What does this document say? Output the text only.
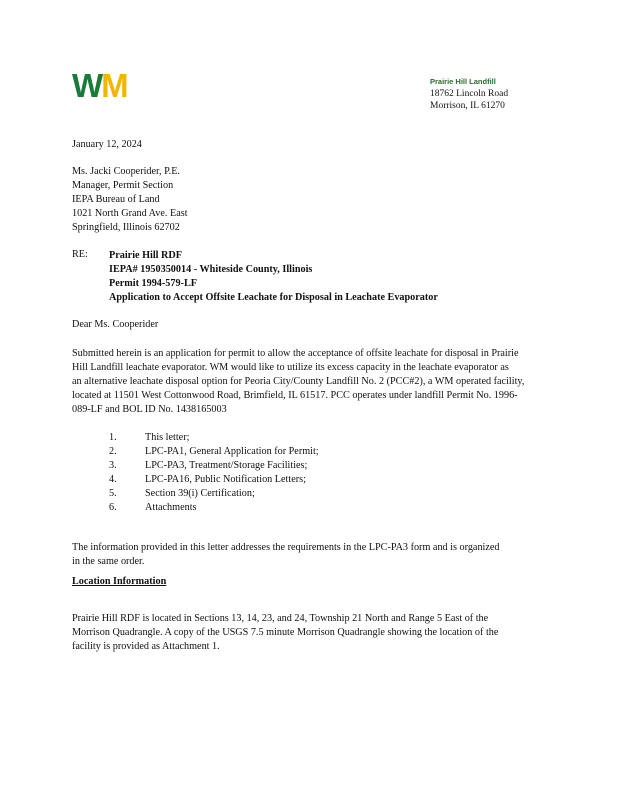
WM	Prairie Hill Landfill
18762 Lincoln Road
Morrison, IL 61270
January 12, 2024
Ms. Jacki Cooperider, P.E.
Manager, Permit Section
IEPA Bureau of Land
1021 North Grand Ave. East
Springfield, Illinois 62702
RE: Prairie Hill RDF
IEPA# 1950350014 - Whiteside County, Illinois
Permit 1994-579-LF
Application to Accept Offsite Leachate for Disposal in Leachate Evaporator
Dear Ms. Cooperider
Submitted herein is an application for permit to allow the acceptance of offsite leachate for disposal in Prairie
Hill Landfill leachate evaporator. WM would like to utilize its excess capacity in the leachate evaporator as
an alternative leachate disposal option for Peoria City/County Landfill No. 2 (PCC#2), a WM operated facility,
located at 11501 West Cottonwood Road, Brimfield, IL 61517. PCC operates under landfill Permit No. 1996-
089-LF and BOL ID No. 1438165003
1.	This letter;
2.	LPC-PA1, General Application for Permit;
3.	LPC-PA3, Treatment/Storage Facilities;
4.	LPC-PA16, Public Notification Letters;
5.	Section 39(i) Certification;
6.	Attachments
The information provided in this letter addresses the requirements in the LPC-PA3 form and is organized
in the same order.
Location Information
Prairie Hill RDF is located in Sections 13, 14, 23, and 24, Township 21 North and Range 5 East of the
Morrison Quadrangle. A copy of the USGS 7.5 minute Morrison Quadrangle showing the location of the
facility is provided as Attachment 1.
